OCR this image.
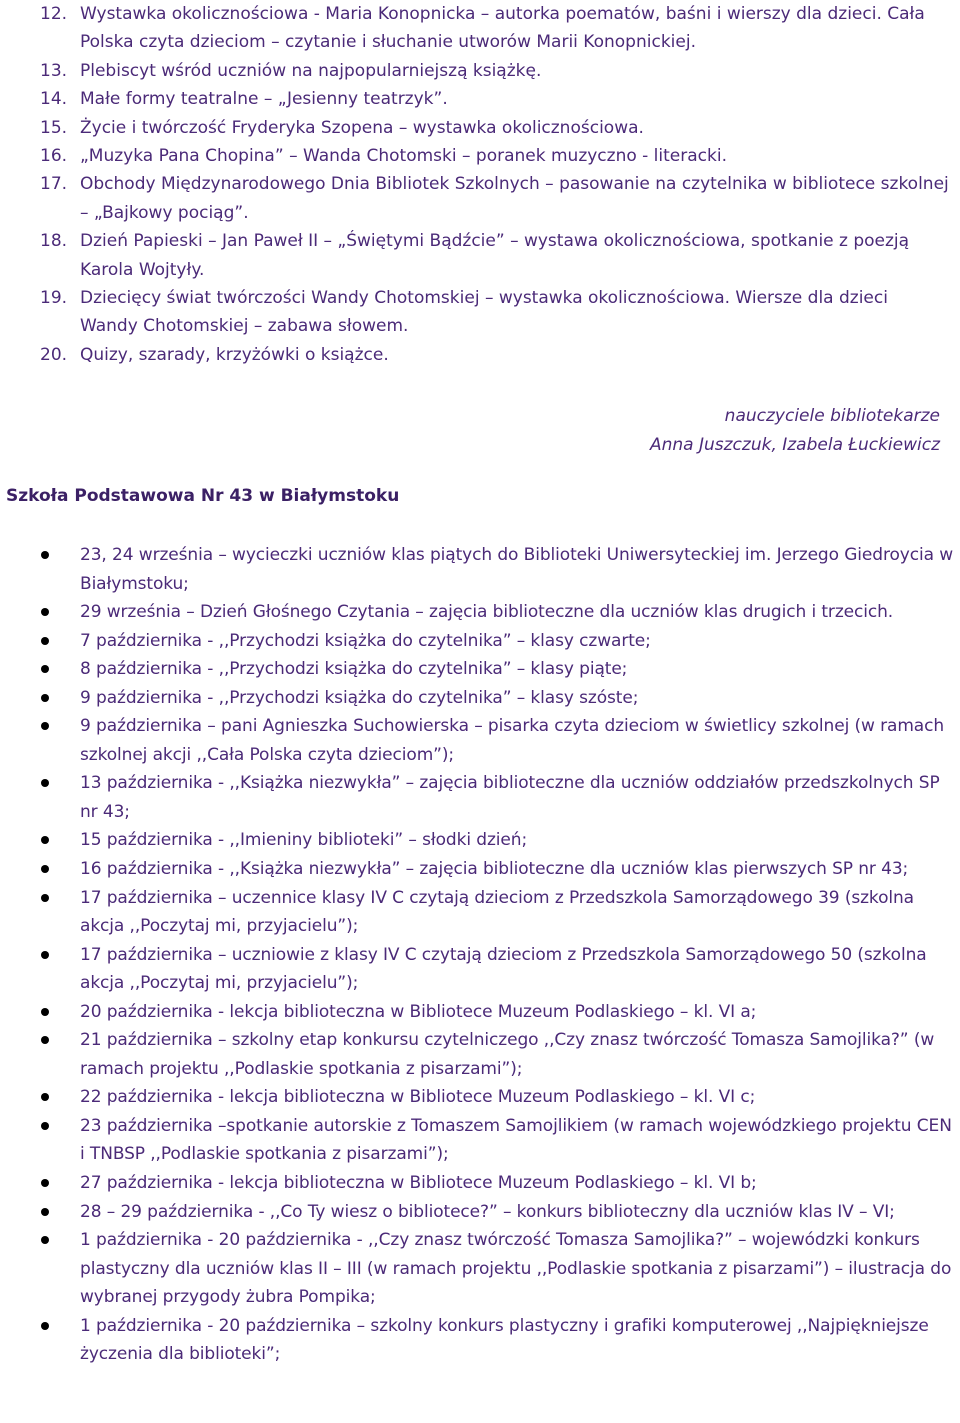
12. Wystawka okolicznościowa - Maria Konopnicka – autorka poematów, baśni i wierszy dla dzieci. Cała Polska czyta dzieciom – czytanie i słuchanie utworów Marii Konopnickiej.
13. Plebiscyt wśród uczniów na najpopularniejszą książkę.
14. Małe formy teatralne – „Jesienny teatrzyk”.
15. Życie i twórczość Fryderyka Szopena – wystawka okolicznościowa.
16. „Muzyka Pana Chopina” – Wanda Chotomski – poranek muzyczno - literacki.
17. Obchody Międzynarodowego Dnia Bibliotek Szkolnych – pasowanie na czytelnika w bibliotece szkolnej – „Bajkowy pociąg”.
18. Dzień Papieski – Jan Paweł II – „Świętymi Bądźcie” – wystawa okolicznościowa, spotkanie z poezją Karola Wojtyły.
19. Dziecięcy świat twórczości Wandy Chotomskiej – wystawka okolicznościowa. Wiersze dla dzieci Wandy Chotomskiej – zabawa słowem.
20. Quizy, szarady, krzyżówki o książce.
nauczyciele bibliotekarze
Anna Juszczuk, Izabela Łuckiewicz
Szkoła Podstawowa Nr 43 w Białymstoku
23, 24 września – wycieczki uczniów klas piątych do Biblioteki Uniwersyteckiej im. Jerzego Giedroycia w Białymstoku;
29 września – Dzień Głośnego Czytania – zajęcia biblioteczne dla uczniów klas drugich i trzecich.
7 października - ,,Przychodzi książka do czytelnika” – klasy czwarte;
8 października - ,,Przychodzi książka do czytelnika” – klasy piąte;
9 października - ,,Przychodzi książka do czytelnika” – klasy szóste;
9 października – pani Agnieszka Suchowierska – pisarka czyta dzieciom w świetlicy szkolnej (w ramach szkolnej akcji ,,Cała Polska czyta dzieciom”);
13 października - ,,Książka niezwykła” – zajęcia biblioteczne dla uczniów oddziałów przedszkolnych SP nr 43;
15 października - ,,Imieniny biblioteki” – słodki dzień;
16 października - ,,Książka niezwykła” – zajęcia biblioteczne dla uczniów klas pierwszych SP nr 43;
17 października – uczennice klasy IV C czytają dzieciom z Przedszkola Samorządowego 39 (szkolna akcja ,,Poczytaj mi, przyjacielu”);
17 października – uczniowie z klasy IV C czytają dzieciom z Przedszkola Samorządowego 50 (szkolna akcja ,,Poczytaj mi, przyjacielu”);
20 października - lekcja biblioteczna w Bibliotece Muzeum Podlaskiego – kl. VI a;
21 października – szkolny etap konkursu czytelniczego ,,Czy znasz twórczość Tomasza Samojlika?” (w ramach projektu ,,Podlaskie spotkania z pisarzami”);
22 października - lekcja biblioteczna w Bibliotece Muzeum Podlaskiego – kl. VI c;
23 października –spotkanie autorskie z Tomaszem Samojlikiem (w ramach wojewódzkiego projektu CEN i TNBSP ,,Podlaskie spotkania z pisarzami”);
27 października - lekcja biblioteczna w Bibliotece Muzeum Podlaskiego – kl. VI b;
28 – 29 października - ,,Co Ty wiesz o bibliotece?” – konkurs biblioteczny dla uczniów klas IV – VI;
1 października - 20 października - ,,Czy znasz twórczość Tomasza Samojlika?” – wojewódzki konkurs plastyczny dla uczniów klas II – III (w ramach projektu ,,Podlaskie spotkania z pisarzami”) – ilustracja do wybranej przygody żubra Pompika;
1 października - 20 października – szkolny konkurs plastyczny i grafiki komputerowej ,,Najpiękniejsze życzenia dla biblioteki”;
